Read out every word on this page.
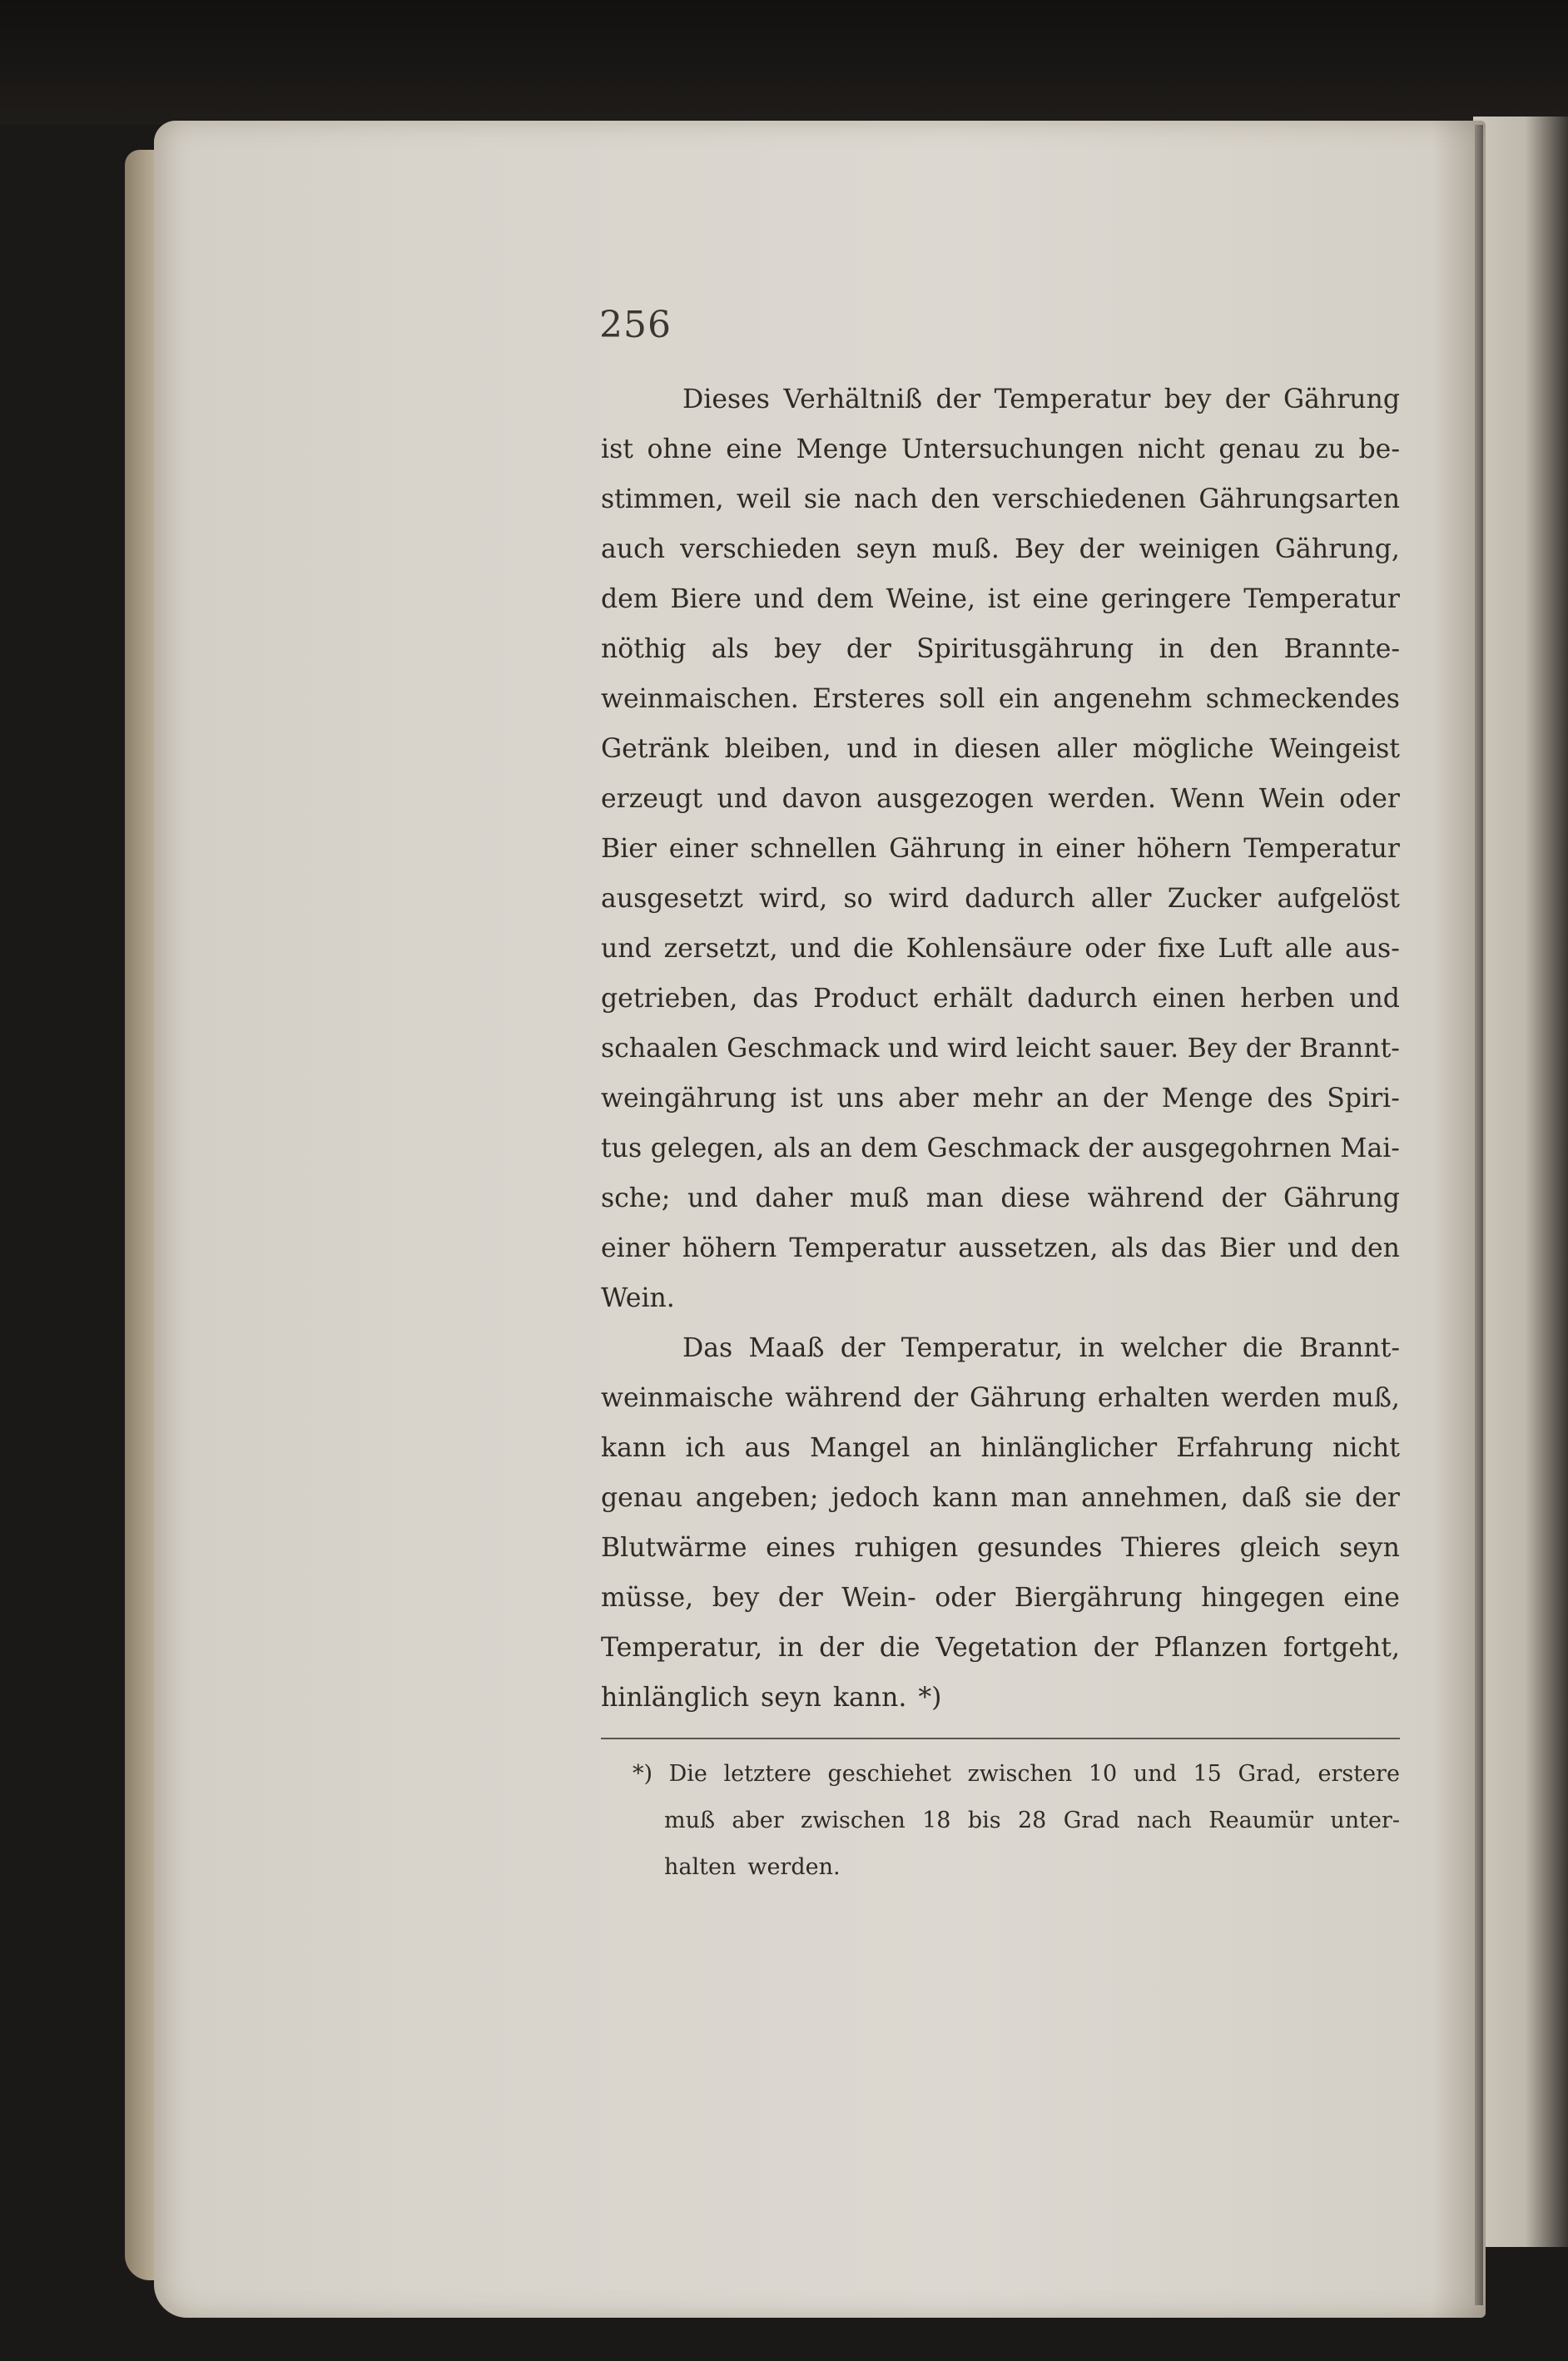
256
Dieses Verhältniß der Temperatur bey der Gährung
ist ohne eine Menge Untersuchungen nicht genau zu be-
stimmen, weil sie nach den verschiedenen Gährungsarten
auch verschieden seyn muß. Bey der weinigen Gährung,
dem Biere und dem Weine, ist eine geringere Temperatur
nöthig als bey der Spiritusgährung in den Brannte-
weinmaischen. Ersteres soll ein angenehm schmeckendes
Getränk bleiben, und in diesen aller mögliche Weingeist
erzeugt und davon ausgezogen werden. Wenn Wein oder
Bier einer schnellen Gährung in einer höhern Temperatur
ausgesetzt wird, so wird dadurch aller Zucker aufgelöst
und zersetzt, und die Kohlensäure oder fixe Luft alle aus-
getrieben, das Product erhält dadurch einen herben und
schaalen Geschmack und wird leicht sauer. Bey der Brannt-
weingährung ist uns aber mehr an der Menge des Spiri-
tus gelegen, als an dem Geschmack der ausgegohrnen Mai-
sche; und daher muß man diese während der Gährung
einer höhern Temperatur aussetzen, als das Bier und den
Wein.
Das Maaß der Temperatur, in welcher die Brannt-
weinmaische während der Gährung erhalten werden muß,
kann ich aus Mangel an hinlänglicher Erfahrung nicht
genau angeben; jedoch kann man annehmen, daß sie der
Blutwärme eines ruhigen gesundes Thieres gleich seyn
müsse, bey der Wein- oder Biergährung hingegen eine
Temperatur, in der die Vegetation der Pflanzen fortgeht,
hinlänglich seyn kann. *)
*) Die letztere geschiehet zwischen 10 und 15 Grad, erstere
muß aber zwischen 18 bis 28 Grad nach Reaumür unter-
halten werden.
